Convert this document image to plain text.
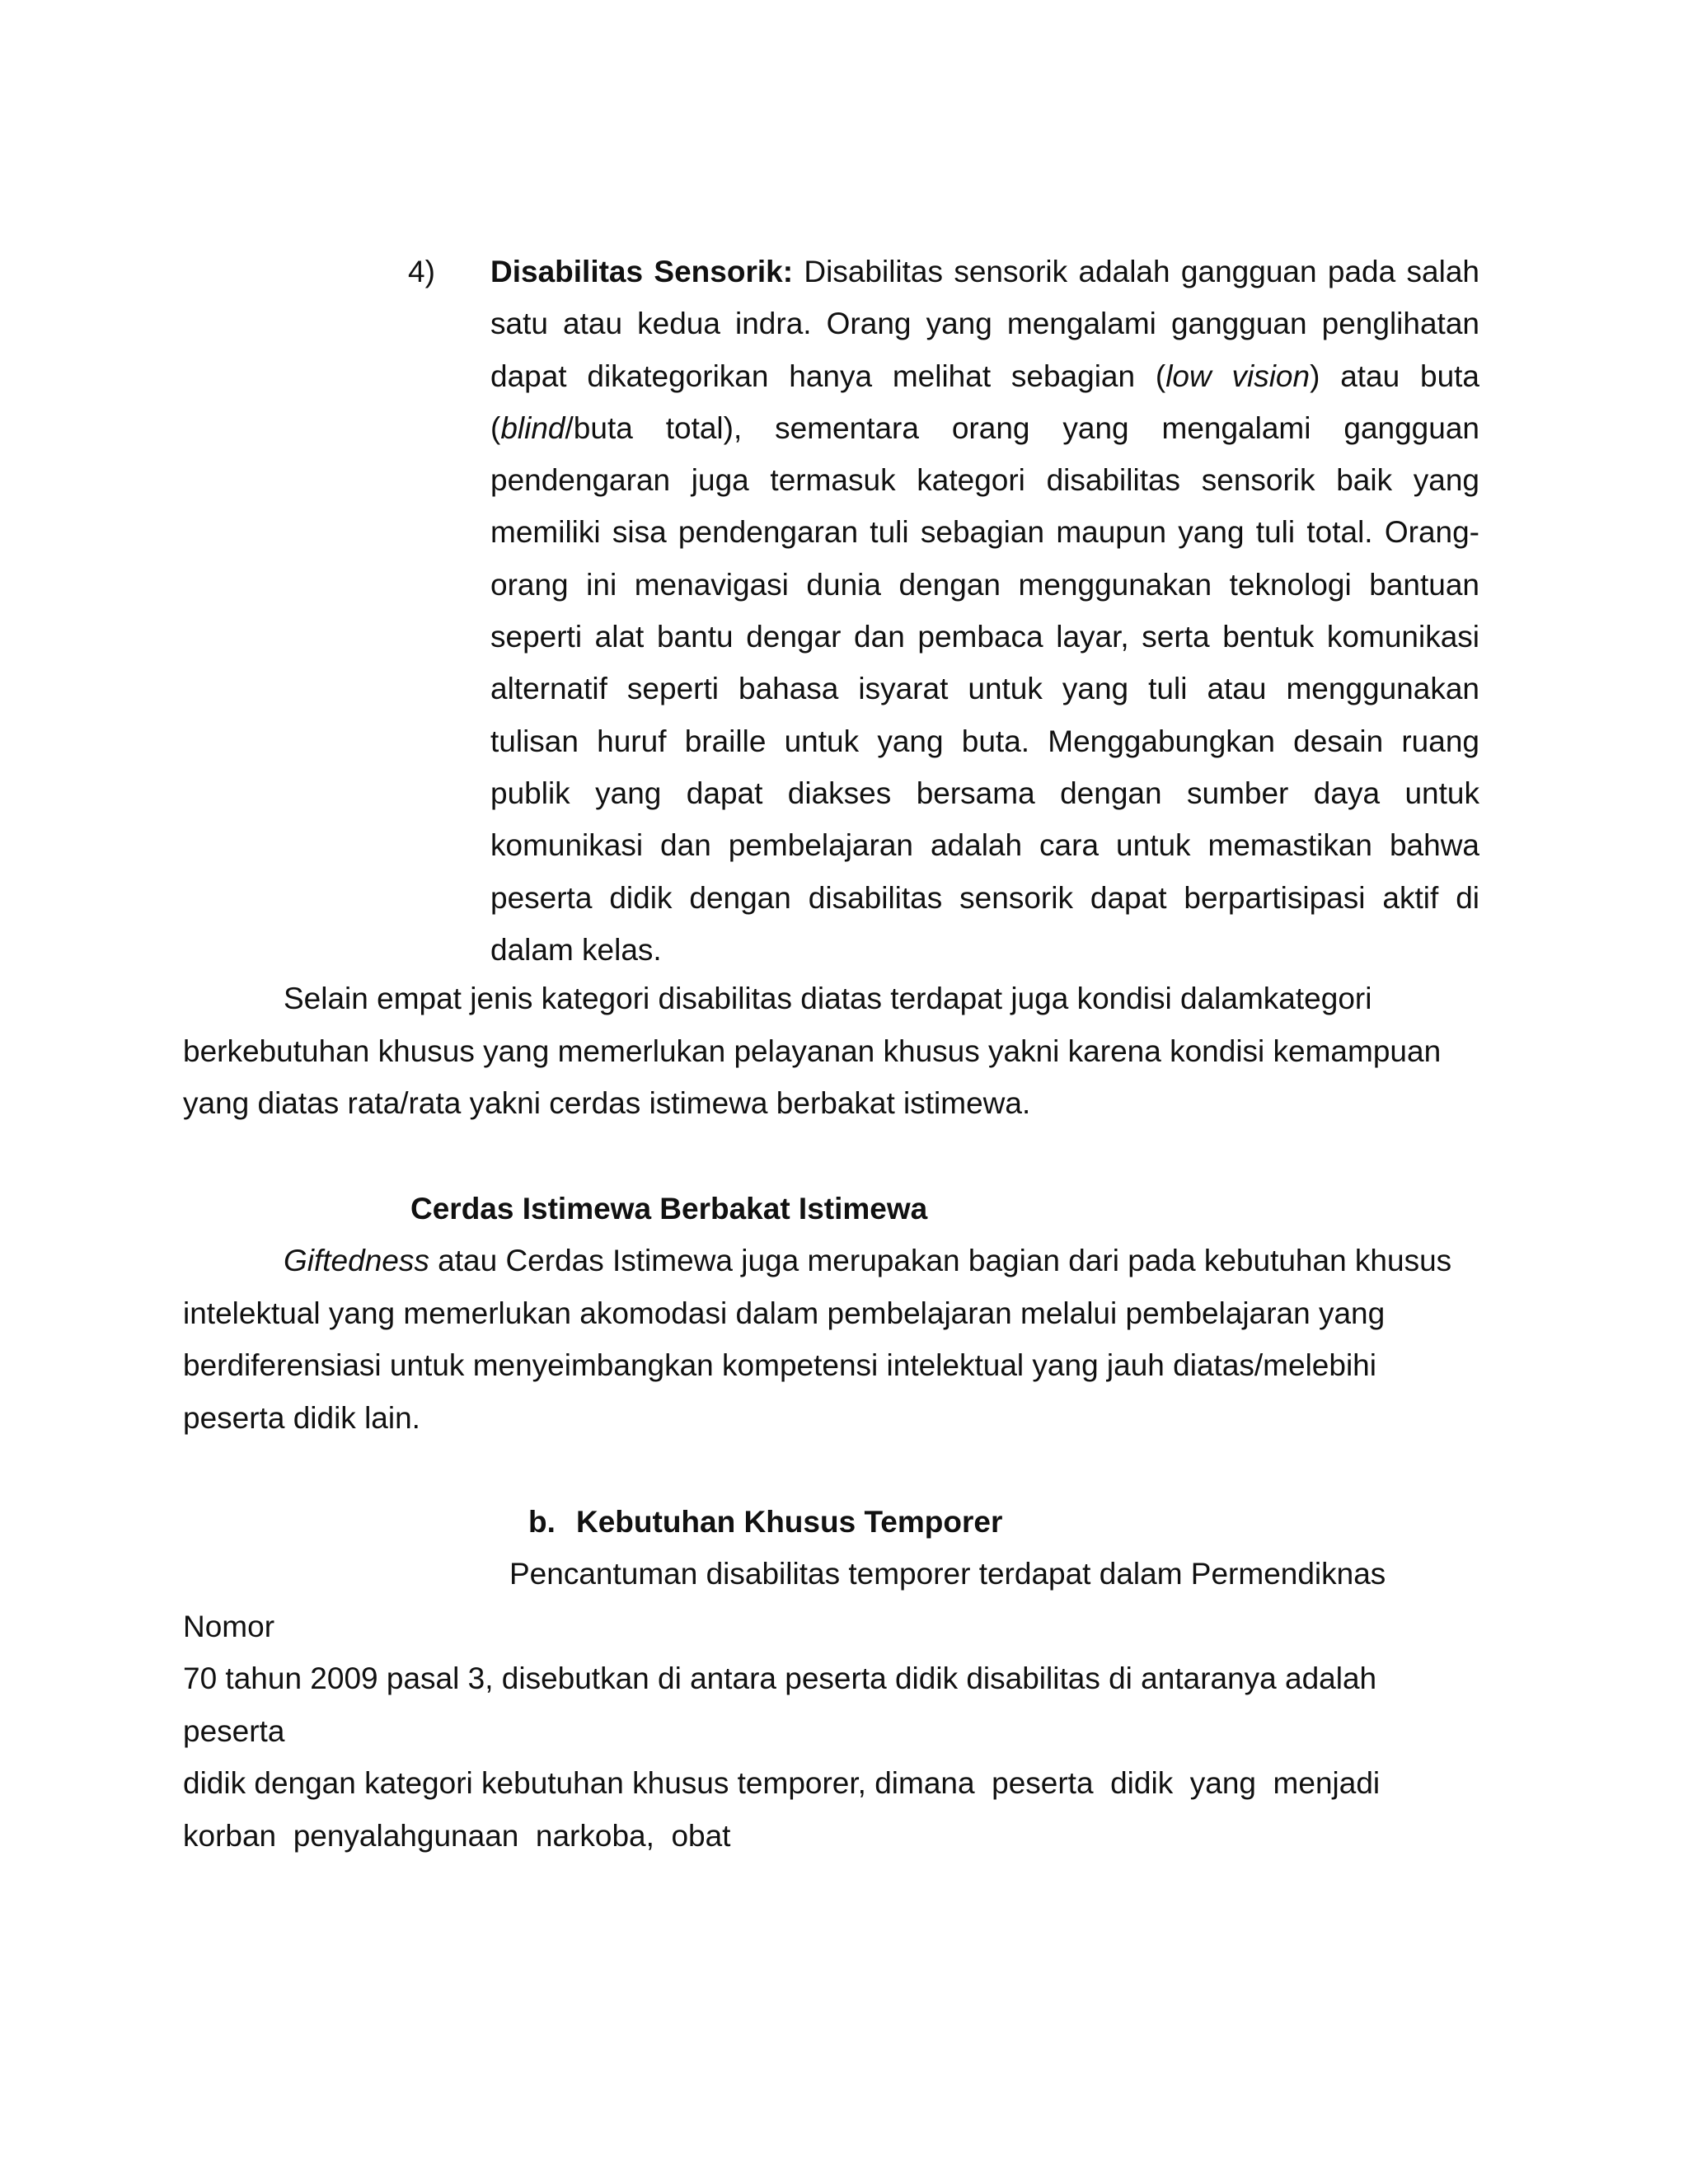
4) Disabilitas Sensorik: Disabilitas sensorik adalah gangguan pada salah satu atau kedua indra. Orang yang mengalami gangguan penglihatan dapat dikategorikan hanya melihat sebagian (low vision) atau buta (blind/buta total), sementara orang yang mengalami gangguan pendengaran juga termasuk kategori disabilitas sensorik baik yang memiliki sisa pendengaran tuli sebagian maupun yang tuli total. Orang-orang ini menavigasi dunia dengan menggunakan teknologi bantuan seperti alat bantu dengar dan pembaca layar, serta bentuk komunikasi alternatif seperti bahasa isyarat untuk yang tuli atau menggunakan tulisan huruf braille untuk yang buta. Menggabungkan desain ruang publik yang dapat diakses bersama dengan sumber daya untuk komunikasi dan pembelajaran adalah cara untuk memastikan bahwa peserta didik dengan disabilitas sensorik dapat berpartisipasi aktif di dalam kelas.
Selain empat jenis kategori disabilitas diatas terdapat juga kondisi dalamkategori
berkebutuhan khusus yang memerlukan pelayanan khusus yakni karena kondisi kemampuan
yang diatas rata/rata yakni cerdas istimewa berbakat istimewa.
Cerdas Istimewa Berbakat Istimewa
Giftedness atau Cerdas Istimewa juga merupakan bagian dari pada kebutuhan khusus
intelektual yang memerlukan akomodasi dalam pembelajaran melalui pembelajaran yang
berdiferensiasi untuk menyeimbangkan kompetensi intelektual yang jauh diatas/melebihi
peserta didik lain.
b. Kebutuhan Khusus Temporer
Pencantuman disabilitas temporer terdapat dalam Permendiknas Nomor
70 tahun 2009 pasal 3, disebutkan di antara peserta didik disabilitas di antaranya adalah peserta
didik dengan kategori kebutuhan khusus temporer, dimana  peserta  didik  yang  menjadi
korban  penyalahgunaan  narkoba,  obat
